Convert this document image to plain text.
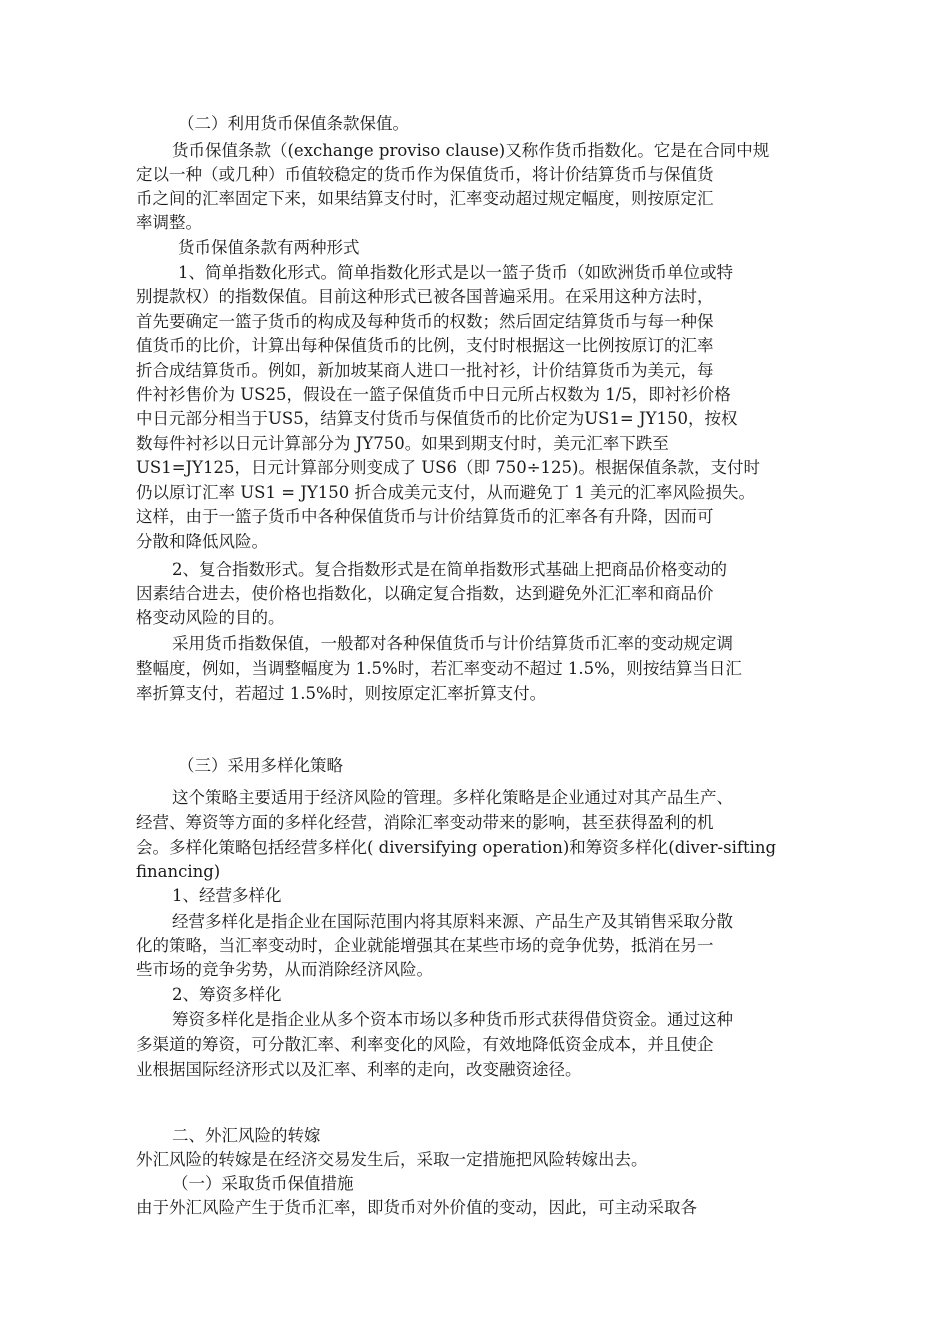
（二）利用货币保值条款保值。
货币保值条款（(exchange proviso clause)又称作货币指数化。它是在合同中规
定以一种（或几种）币值较稳定的货币作为保值货币，将计价结算货币与保值货
币之间的汇率固定下来，如果结算支付时，汇率变动超过规定幅度，则按原定汇
率调整。
货币保值条款有两种形式
1、简单指数化形式。简单指数化形式是以一篮子货币（如欧洲货币单位或特
别提款权）的指数保值。目前这种形式已被各国普遍采用。在采用这种方法时，
首先要确定一篮子货币的构成及每种货币的权数；然后固定结算货币与每一种保
值货币的比价，计算出每种保值货币的比例，支付时根据这一比例按原订的汇率
折合成结算货币。例如，新加坡某商人进口一批衬衫，计价结算货币为美元，每
件衬衫售价为 US25，假设在一篮子保值货币中日元所占权数为 1/5，即衬衫价格
中日元部分相当于US5，结算支付货币与保值货币的比价定为US1= JY150，按权
数每件衬衫以日元计算部分为 JY750。如果到期支付时，美元汇率下跌至
US1=JY125，日元计算部分则变成了 US6（即 750÷125)。根据保值条款，支付时
仍以原订汇率 US1 = JY150 折合成美元支付，从而避免丁 1 美元的汇率风险损失。
这样，由于一篮子货币中各种保值货币与计价结算货币的汇率各有升降，因而可
分散和降低风险。
2、复合指数形式。复合指数形式是在简单指数形式基础上把商品价格变动的
因素结合进去，使价格也指数化，以确定复合指数，达到避免外汇汇率和商品价
格变动风险的目的。
采用货币指数保值，一般都对各种保值货币与计价结算货币汇率的变动规定调
整幅度，例如，当调整幅度为 1.5%时，若汇率变动不超过 1.5%，则按结算当日汇
率折算支付，若超过 1.5%时，则按原定汇率折算支付。
（三）采用多样化策略
这个策略主要适用于经济风险的管理。多样化策略是企业通过对其产品生产、
经营、筹资等方面的多样化经营，消除汇率变动带来的影响，甚至获得盈利的机
会。多样化策略包括经营多样化( diversifying operation)和筹资多样化(diver-sifting
financing)
1、经营多样化
经营多样化是指企业在国际范围内将其原料来源、产品生产及其销售采取分散
化的策略，当汇率变动时，企业就能增强其在某些市场的竞争优势，抵消在另一
些市场的竞争劣势，从而消除经济风险。
2、筹资多样化
筹资多样化是指企业从多个资本市场以多种货币形式获得借贷资金。通过这种
多渠道的筹资，可分散汇率、利率变化的风险，有效地降低资金成本，并且使企
业根据国际经济形式以及汇率、利率的走向，改变融资途径。
二、外汇风险的转嫁
外汇风险的转嫁是在经济交易发生后，采取一定措施把风险转嫁出去。
（一）采取货币保值措施
由于外汇风险产生于货币汇率，即货币对外价值的变动，因此，可主动采取各
